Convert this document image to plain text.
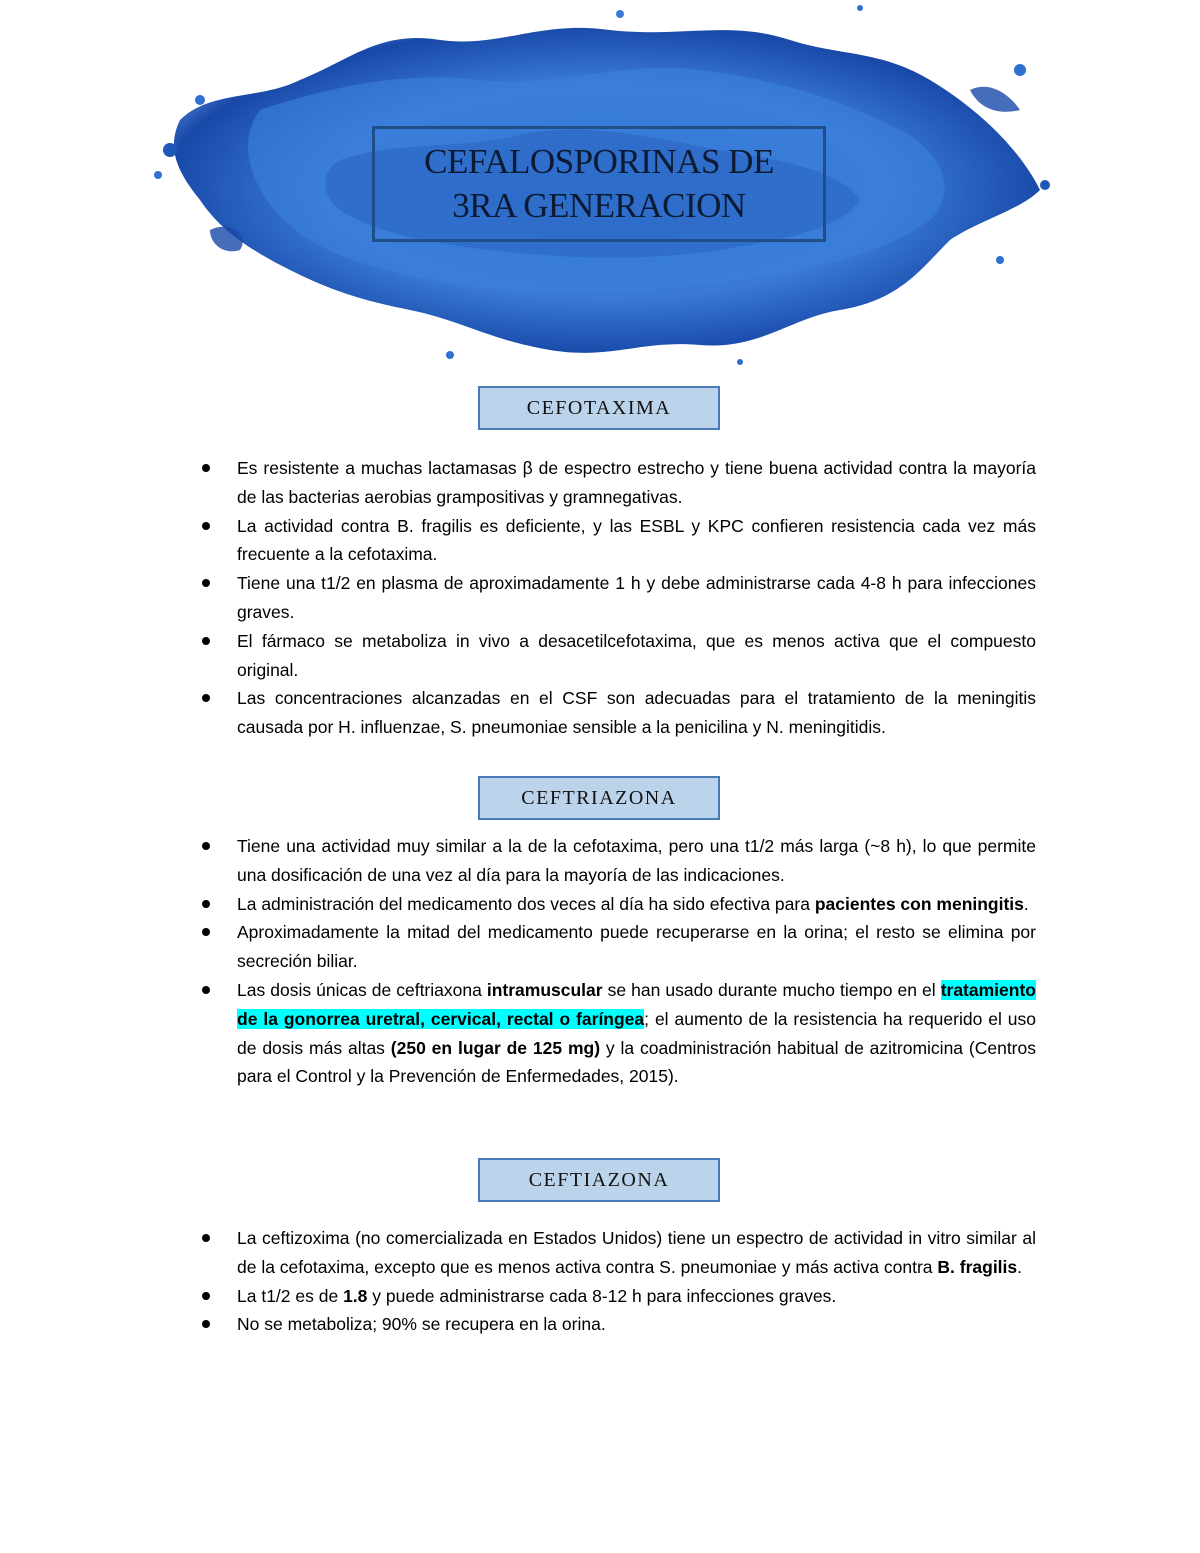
CEFALOSPORINAS DE
3RA GENERACION
CEFOTAXIMA
Es resistente a muchas lactamasas β de espectro estrecho y tiene buena actividad contra la mayoría de las bacterias aerobias grampositivas y gramnegativas.
La actividad contra B. fragilis es deficiente, y las ESBL y KPC confieren resistencia cada vez más frecuente a la cefotaxima.
Tiene una t1/2 en plasma de aproximadamente 1 h y debe administrarse cada 4-8 h para infecciones graves.
El fármaco se metaboliza in vivo a desacetilcefotaxima, que es menos activa que el compuesto original.
Las concentraciones alcanzadas en el CSF son adecuadas para el tratamiento de la meningitis causada por H. influenzae, S. pneumoniae sensible a la penicilina y N. meningitidis.
CEFTRIAZONA
Tiene una actividad muy similar a la de la cefotaxima, pero una t1/2 más larga (~8 h), lo que permite una dosificación de una vez al día para la mayoría de las indicaciones.
La administración del medicamento dos veces al día ha sido efectiva para pacientes con meningitis.
Aproximadamente la mitad del medicamento puede recuperarse en la orina; el resto se elimina por secreción biliar.
Las dosis únicas de ceftriaxona intramuscular se han usado durante mucho tiempo en el tratamiento de la gonorrea uretral, cervical, rectal o faríngea; el aumento de la resistencia ha requerido el uso de dosis más altas (250 en lugar de 125 mg) y la coadministración habitual de azitromicina (Centros para el Control y la Prevención de Enfermedades, 2015).
CEFTIAZONA
La ceftizoxima (no comercializada en Estados Unidos) tiene un espectro de actividad in vitro similar al de la cefotaxima, excepto que es menos activa contra S. pneumoniae y más activa contra B. fragilis.
La t1/2 es de 1.8 y puede administrarse cada 8-12 h para infecciones graves.
No se metaboliza; 90% se recupera en la orina.
